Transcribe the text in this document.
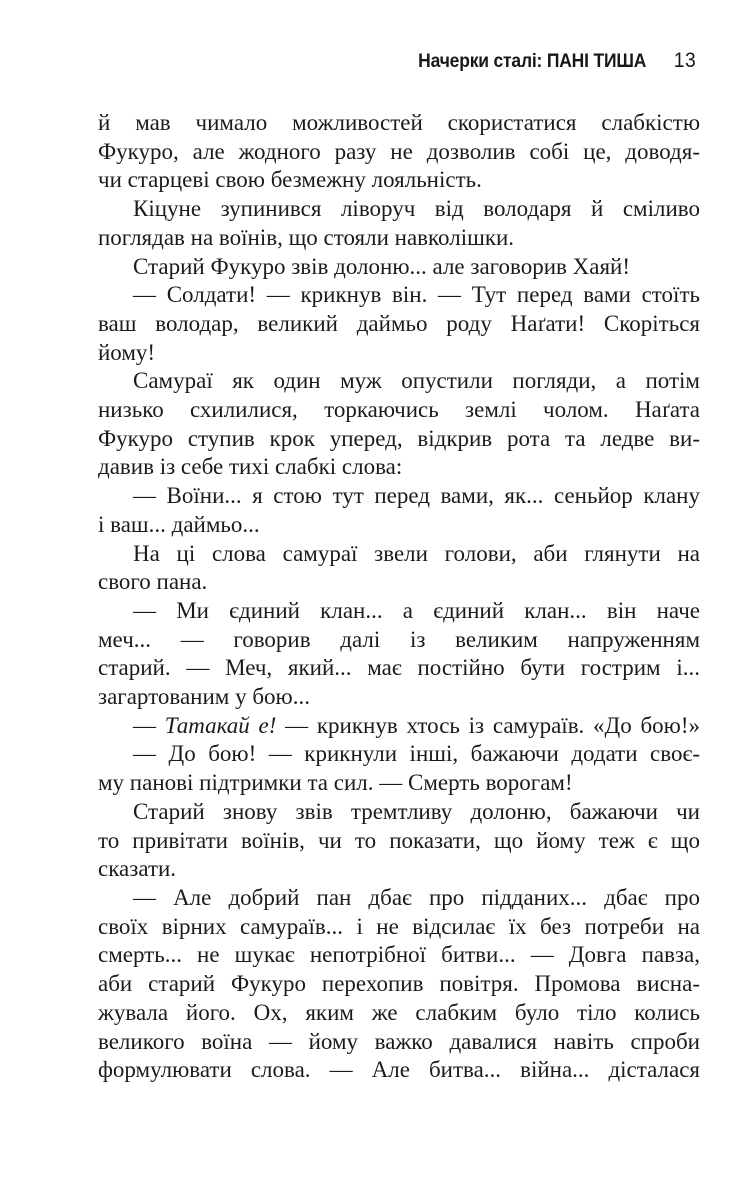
Начерки сталі: ПАНІ ТИША 13
й мав чимало можливостей скористатися слабкістю
Фукуро, але жодного разу не дозволив собі це, доводя-
чи старцеві свою безмежну лояльність.
Кіцуне зупинився ліворуч від володаря й сміливо
поглядав на воїнів, що стояли навколішки.
Старий Фукуро звів долоню... але заговорив Хаяй!
— Солдати! — крикнув він. — Тут перед вами стоїть
ваш володар, великий даймьо роду Наґати! Скоріться
йому!
Самураї як один муж опустили погляди, а потім
низько схилилися, торкаючись землі чолом. Наґата
Фукуро ступив крок уперед, відкрив рота та ледве ви-
давив із себе тихі слабкі слова:
— Воїни... я стою тут перед вами, як... сеньйор клану
і ваш... даймьо...
На ці слова самураї звели голови, аби глянути на
свого пана.
— Ми єдиний клан... а єдиний клан... він наче
меч... — говорив далі із великим напруженням
старий. — Меч, який... має постійно бути гострим і...
загартованим у бою...
— Татакай е! — крикнув хтось із самураїв. «До бою!»
— До бою! — крикнули інші, бажаючи додати своє-
му панові підтримки та сил. — Смерть ворогам!
Старий знову звів тремтливу долоню, бажаючи чи
то привітати воїнів, чи то показати, що йому теж є що
сказати.
— Але добрий пан дбає про підданих... дбає про
своїх вірних самураїв... і не відсилає їх без потреби на
смерть... не шукає непотрібної битви... — Довга павза,
аби старий Фукуро перехопив повітря. Промова висна-
жувала його. Ох, яким же слабким було тіло колись
великого воїна — йому важко давалися навіть спроби
формулювати слова. — Але битва... війна... дісталася
